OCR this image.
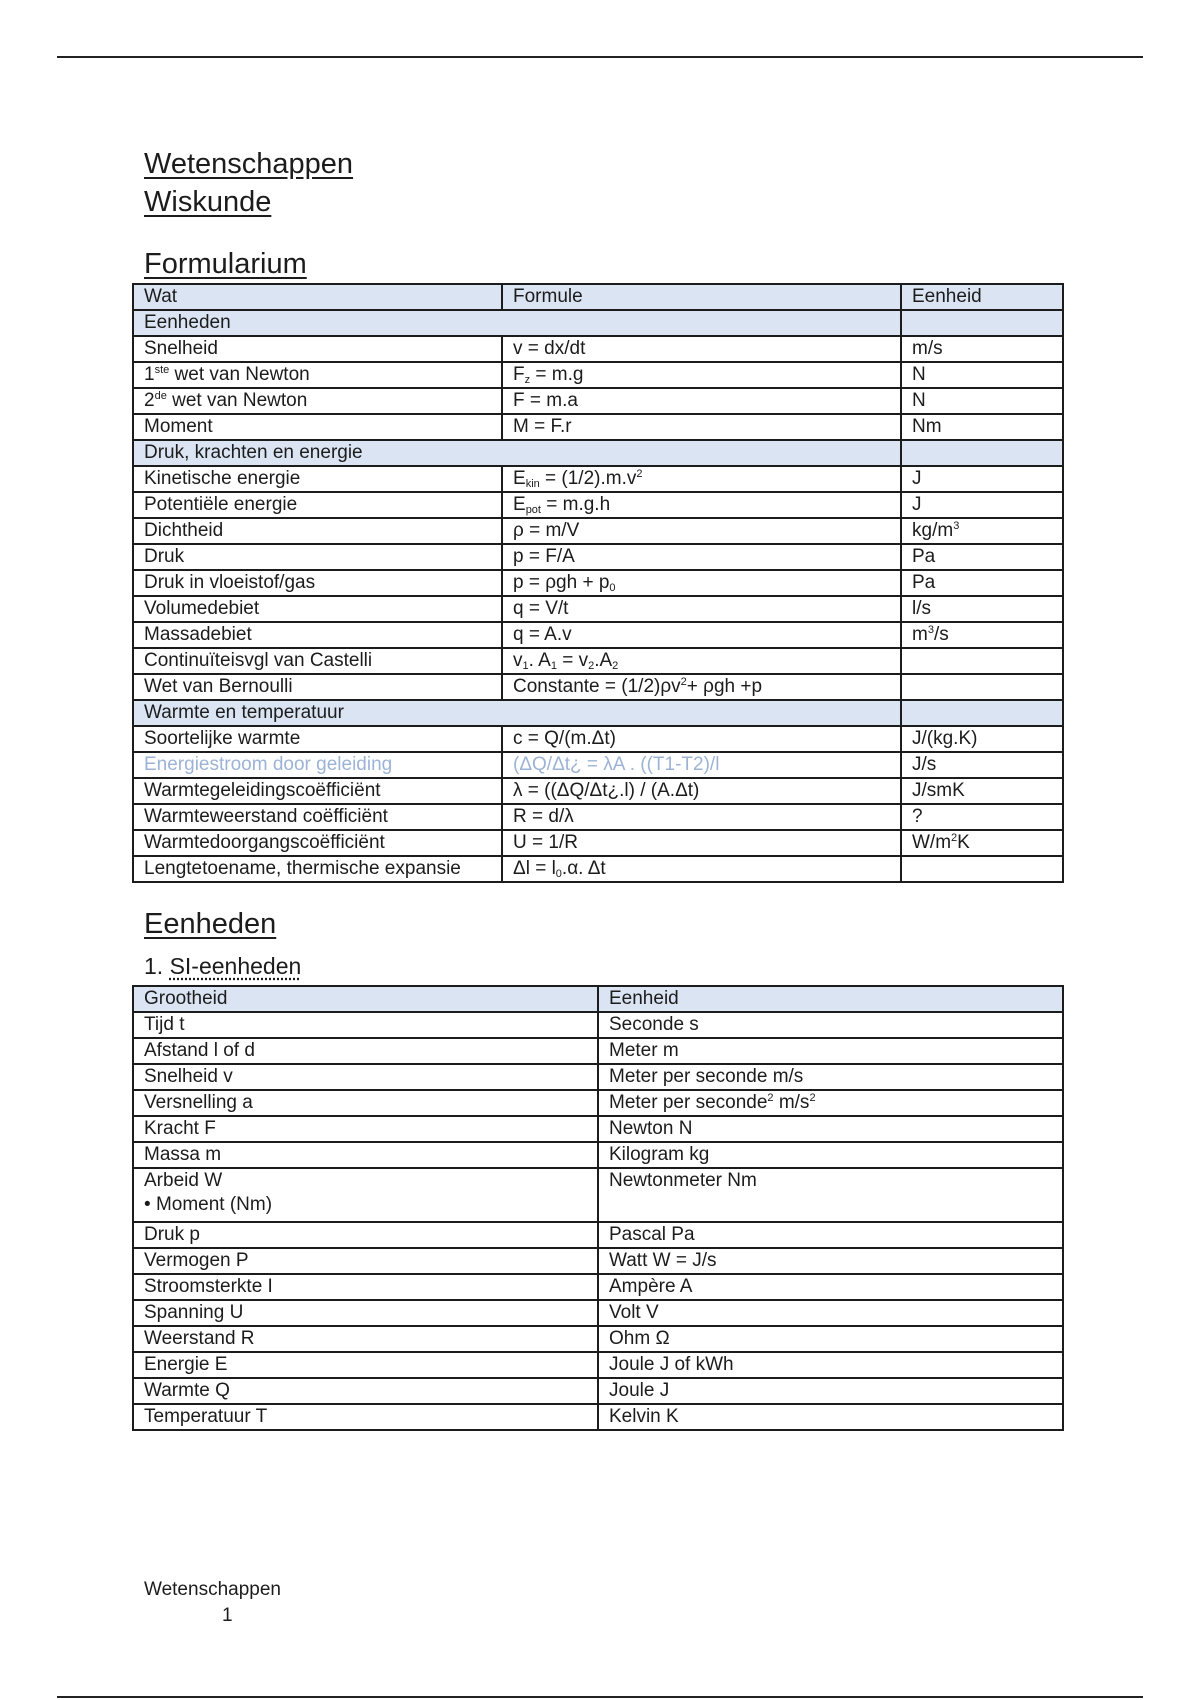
Wetenschappen
Wiskunde
Formularium
Wat	Formule	Eenheid
Eenheden		
Snelheid	v = dx/dt	m/s
1ste wet van Newton	$F_z = m.g$	N
2de wet van Newton	F = m.a	N
Moment	M = F.r	Nm
Druk, krachten en energie		
Kinetische energie	$E_{kin} = (1/2).m.v^2$	J
Potentiële energie	$E_{pot} = m.g.h$	J
Dichtheid	ρ = m/V	$kg/m^3$
Druk	p = F/A	Pa
Druk in vloeistof/gas	$p = \rho gh + p_0$	Pa
Volumedebiet	q = V/t	l/s
Massadebiet	q = A.v	$m^3/s$
Continuïteisvgl van Castelli	$v_1$. $A_1 = v_2.A_2$	
Wet van Bernoulli	Constante = $(1/2)\rho v^2+ \rho gh +p$	
Warmte en temperatuur		
Soortelijke warmte	c = Q/(m.Δt)	J/(kg.K)
Energiestroom door geleiding	(ΔQ/Δt¿ = λA . ((T1-T2)/l	J/s
Warmtegeleidingscoëfficiënt	λ = ((ΔQ/Δt¿.l) / (A.Δt)	J/smK
Warmteweerstand coëfficiënt	R = d/λ	?
Warmtedoorgangscoëfficiënt	U = 1/R	$W/m^2K$
Lengtetoename, thermische expansie	$\Delta l = l_0.\alpha$. Δt	
Eenheden
1. SI-eenheden
Grootheid	Eenheid
Tijd t	Seconde s
Afstand l of d	Meter m
Snelheid v	Meter per seconde m/s
Versnelling a	Meter per seconde$^2$ $m/s^2$
Kracht F	Newton N
Massa m	Kilogram kg

Arbeid W
• Moment (Nm)	Newtonmeter Nm
Druk p	Pascal Pa
Vermogen P	Watt W = J/s
Stroomsterkte I	Ampère A
Spanning U	Volt V
Weerstand R	Ohm Ω
Energie E	Joule J of kWh
Warmte Q	Joule J
Temperatuur T	Kelvin K
Wetenschappen
1
